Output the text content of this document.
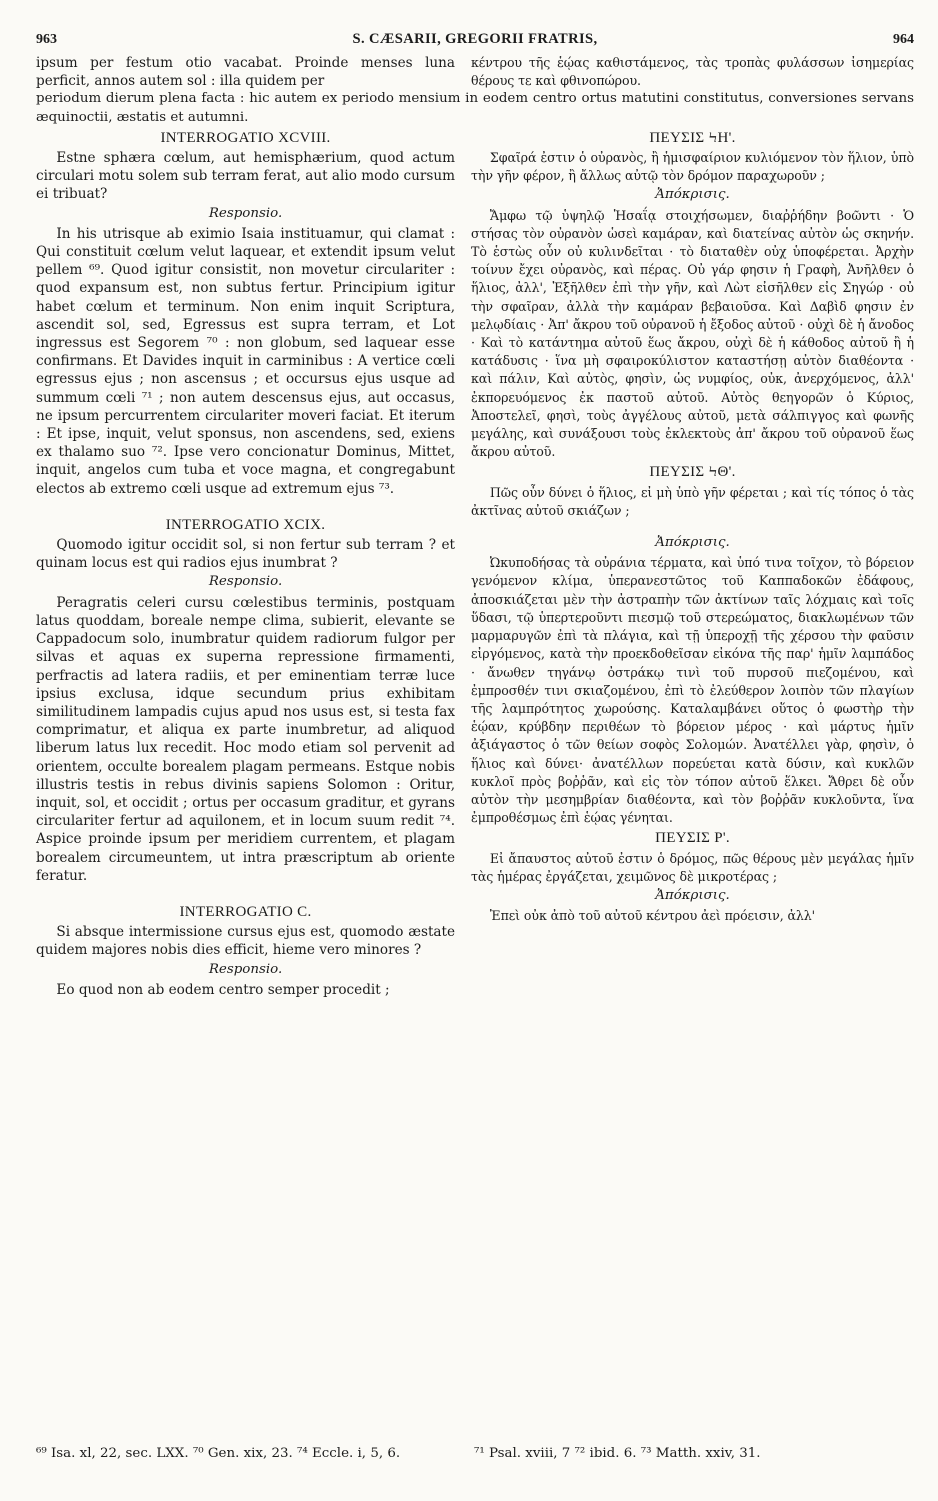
963	S. CÆSARII, GREGORII FRATRIS,	964

ipsum per festum otio vacabat. Proinde menses luna perficit, annos autem sol : illa quidem per

κέντρου τῆς ἑῴας καθιστάμενος, τὰς τροπὰς φυλάσσων ἰσημερίας θέρους τε καὶ φθινοπώρου.

periodum dierum plena facta : hic autem ex periodo mensium in eodem centro ortus matutini constitutus, conversiones servans æquinoctii, æstatis et autumni.

INTERROGATIO XCVIII.

Estne sphæra cœlum, aut hemisphærium, quod actum circulari motu solem sub terram ferat, aut alio modo cursum ei tribuat?

Responsio.

In his utrisque ab eximio Isaia instituamur, qui clamat : Qui constituit cœlum velut laquear, et extendit ipsum velut pellem ⁶⁹. Quod igitur consistit, non movetur circulariter : quod expansum est, non subtus fertur. Principium igitur habet cœlum et terminum. Non enim inquit Scriptura, ascendit sol, sed, Egressus est supra terram, et Lot ingressus est Segorem ⁷⁰ : non globum, sed laquear esse confirmans. Et Davides inquit in carminibus : A vertice cœli egressus ejus ; non ascensus ; et occursus ejus usque ad summum cœli ⁷¹ ; non autem descensus ejus, aut occasus, ne ipsum percurrentem circulariter moveri faciat. Et iterum : Et ipse, inquit, velut sponsus, non ascendens, sed, exiens ex thalamo suo ⁷². Ipse vero concionatur Dominus, Mittet, inquit, angelos cum tuba et voce magna, et congregabunt electos ab extremo cœli usque ad extremum ejus ⁷³.

INTERROGATIO XCIX.

Quomodo igitur occidit sol, si non fertur sub terram ? et quinam locus est qui radios ejus inumbrat ?

Responsio.

Peragratis celeri cursu cœlestibus terminis, postquam latus quoddam, boreale nempe clima, subierit, elevante se Cappadocum solo, inumbratur quidem radiorum fulgor per silvas et aquas ex superna repressione firmamenti, perfractis ad latera radiis, et per eminentiam terræ luce ipsius exclusa, idque secundum prius exhibitam similitudinem lampadis cujus apud nos usus est, si testa fax comprimatur, et aliqua ex parte inumbretur, ad aliquod liberum latus lux recedit. Hoc modo etiam sol pervenit ad orientem, occulte borealem plagam permeans. Estque nobis illustris testis in rebus divinis sapiens Solomon : Oritur, inquit, sol, et occidit ; ortus per occasum graditur, et gyrans circulariter fertur ad aquilonem, et in locum suum redit ⁷⁴. Aspice proinde ipsum per meridiem currentem, et plagam borealem circumeuntem, ut intra præscriptum ab oriente feratur.

INTERROGATIO C.

Si absque intermissione cursus ejus est, quomodo æstate quidem majores nobis dies efficit, hieme vero minores ?

Responsio.

Eo quod non ab eodem centro semper procedit ;

ΠΕΥΣΙΣ ϞΗ'.

Σφαῖρά ἐστιν ὁ οὐρανὸς, ἢ ἡμισφαίριον κυλιόμενον τὸν ἥλιον, ὑπὸ τὴν γῆν φέρον, ἢ ἄλλως αὐτῷ τὸν δρόμον παραχωροῦν ;

Ἀπόκρισις.

Ἄμφω τῷ ὑψηλῷ Ἡσαΐᾳ στοιχήσωμεν, διαῤῥήδην βοῶντι · Ὁ στήσας τὸν οὐρανὸν ὡσεὶ καμάραν, καὶ διατείνας αὐτὸν ὡς σκηνήν. Τὸ ἑστὼς οὖν οὐ κυλινδεῖται · τὸ διαταθὲν οὐχ ὑποφέρεται. Ἀρχὴν τοίνυν ἔχει οὐρανὸς, καὶ πέρας. Οὐ γάρ φησιν ἡ Γραφὴ, Ἀνῆλθεν ὁ ἥλιος, ἀλλ', Ἐξῆλθεν ἐπὶ τὴν γῆν, καὶ Λὼτ εἰσῆλθεν εἰς Σηγώρ · οὐ τὴν σφαῖραν, ἀλλὰ τὴν καμάραν βεβαιοῦσα. Καὶ Δαβὶδ φησιν ἐν μελῳδίαις · Ἀπ' ἄκρου τοῦ οὐρανοῦ ἡ ἔξοδος αὐτοῦ · οὐχὶ δὲ ἡ ἄνοδος · Καὶ τὸ κατάντημα αὐτοῦ ἕως ἄκρου, οὐχὶ δὲ ἡ κάθοδος αὐτοῦ ἢ ἡ κατάδυσις · ἵνα μὴ σφαιροκύλιστον καταστήσῃ αὐτὸν διαθέοντα · καὶ πάλιν, Καὶ αὐτὸς, φησὶν, ὡς νυμφίος, οὐκ, ἀνερχόμενος, ἀλλ' ἐκπορευόμενος ἐκ παστοῦ αὐτοῦ. Αὐτὸς θεηγορῶν ὁ Κύριος, Ἀποστελεῖ, φησὶ, τοὺς ἀγγέλους αὐτοῦ, μετὰ σάλπιγγος καὶ φωνῆς μεγάλης, καὶ συνάξουσι τοὺς ἐκλεκτοὺς ἀπ' ἄκρου τοῦ οὐρανοῦ ἕως ἄκρου αὐτοῦ.

ΠΕΥΣΙΣ ϞΘ'.

Πῶς οὖν δύνει ὁ ἥλιος, εἰ μὴ ὑπὸ γῆν φέρεται ; καὶ τίς τόπος ὁ τὰς ἀκτῖνας αὐτοῦ σκιάζων ;

Ἀπόκρισις.

Ὠκυποδήσας τὰ οὐράνια τέρματα, καὶ ὑπό τινα τοῖχον, τὸ βόρειον γενόμενον κλίμα, ὑπερανεστῶτος τοῦ Καππαδοκῶν ἐδάφους, ἀποσκιάζεται μὲν τὴν ἀστραπὴν τῶν ἀκτίνων ταῖς λόχμαις καὶ τοῖς ὕδασι, τῷ ὑπερτεροῦντι πιεσμῷ τοῦ στερεώματος, διακλωμένων τῶν μαρμαρυγῶν ἐπὶ τὰ πλάγια, καὶ τῇ ὑπεροχῇ τῆς χέρσου τὴν φαῦσιν εἰργόμενος, κατὰ τὴν προεκδοθεῖσαν εἰκόνα τῆς παρ' ἡμῖν λαμπάδος · ἄνωθεν τηγάνῳ ὀστράκῳ τινὶ τοῦ πυρσοῦ πιεζομένου, καὶ ἐμπροσθέν τινι σκιαζομένου, ἐπὶ τὸ ἐλεύθερον λοιπὸν τῶν πλαγίων τῆς λαμπρότητος χωρούσης. Καταλαμβάνει οὕτος ὁ φωστὴρ τὴν ἑῴαν, κρύβδην περιθέων τὸ βόρειον μέρος · καὶ μάρτυς ἡμῖν ἀξιάγαστος ὁ τῶν θείων σοφὸς Σολομών. Ἀνατέλλει γὰρ, φησὶν, ὁ ἥλιος καὶ δύνει· ἀνατέλλων πορεύεται κατὰ δύσιν, καὶ κυκλῶν κυκλοῖ πρὸς βοῤῥᾶν, καὶ εἰς τὸν τόπον αὐτοῦ ἕλκει. Ἄθρει δὲ οὖν αὐτὸν τὴν μεσημβρίαν διαθέοντα, καὶ τὸν βοῤῥᾶν κυκλοῦντα, ἵνα ἐμπροθέσμως ἐπὶ ἑῴας γένηται.

ΠΕΥΣΙΣ Ρ'.

Εἰ ἄπαυστος αὐτοῦ ἐστιν ὁ δρόμος, πῶς θέρους μὲν μεγάλας ἡμῖν τὰς ἡμέρας ἐργάζεται, χειμῶνος δὲ μικροτέρας ;

Ἀπόκρισις.

Ἐπεὶ οὐκ ἀπὸ τοῦ αὐτοῦ κέντρου ἀεὶ πρόεισιν, ἀλλ'

⁶⁹ Isa. xl, 22, sec. LXX. ⁷⁰ Gen. xix, 23. ⁷⁴ Eccle. i, 5, 6.	⁷¹ Psal. xviii, 7 ⁷² ibid. 6. ⁷³ Matth. xxiv, 31.
